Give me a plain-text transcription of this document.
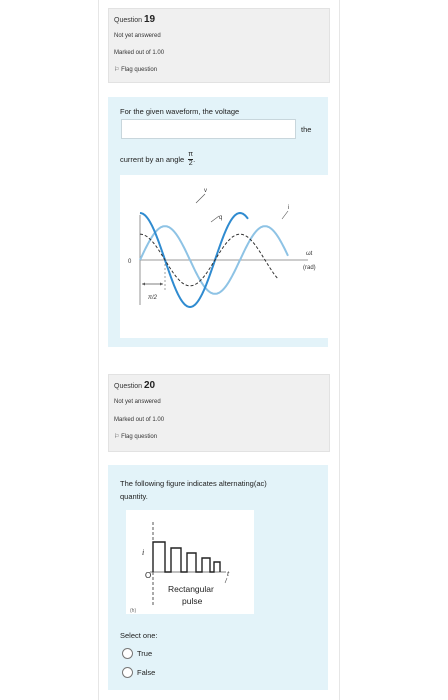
Question 19
Not yet answered
Marked out of 1.00
⚐ Flag question
For the given waveform, the voltage
the
current by an angle $\frac{\pi}{2}$ .
v
q
i
0
ωt
(rad)
π/2
Question 20
Not yet answered
Marked out of 1.00
⚐ Flag question
The following figure indicates alternating(ac)
quantity.
i
O	t
Rectangular
pulse
(h)
Select one:
True
False
